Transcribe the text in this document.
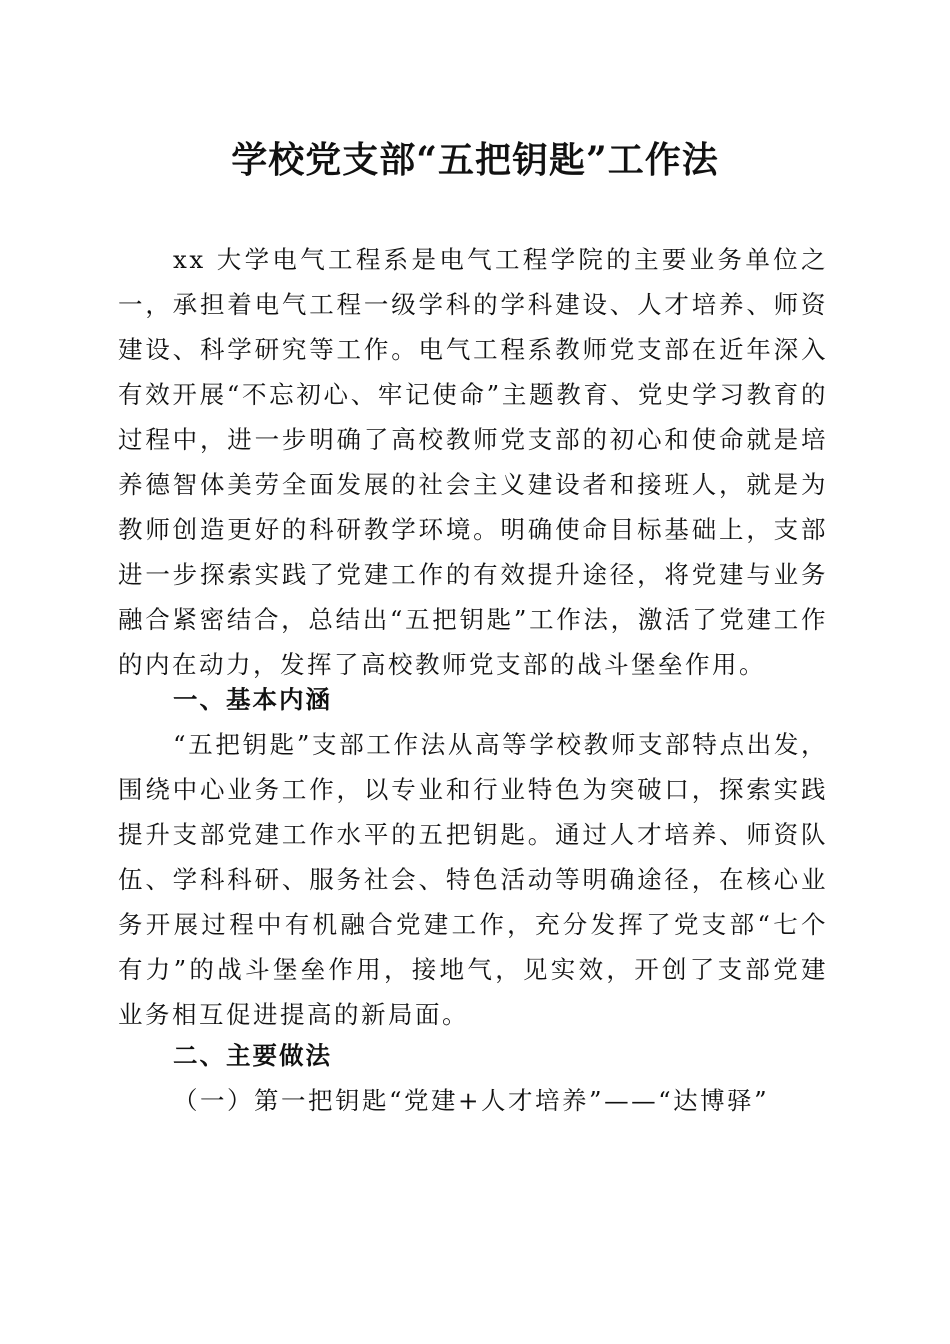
学校党支部“五把钥匙”工作法

xx 大学电气工程系是电气工程学院的主要业务单位之一，承担着电气工程一级学科的学科建设、人才培养、师资建设、科学研究等工作。电气工程系教师党支部在近年深入有效开展“不忘初心、牢记使命”主题教育、党史学习教育的过程中，进一步明确了高校教师党支部的初心和使命就是培养德智体美劳全面发展的社会主义建设者和接班人，就是为教师创造更好的科研教学环境。明确使命目标基础上，支部进一步探索实践了党建工作的有效提升途径，将党建与业务融合紧密结合，总结出“五把钥匙”工作法，激活了党建工作的内在动力，发挥了高校教师党支部的战斗堡垒作用。

一、基本内涵

“五把钥匙”支部工作法从高等学校教师支部特点出发，围绕中心业务工作，以专业和行业特色为突破口，探索实践提升支部党建工作水平的五把钥匙。通过人才培养、师资队伍、学科科研、服务社会、特色活动等明确途径，在核心业务开展过程中有机融合党建工作，充分发挥了党支部“七个有力”的战斗堡垒作用，接地气，见实效，开创了支部党建业务相互促进提高的新局面。

二、主要做法
（一）第一把钥匙“党建+人才培养”——“达博驿”
